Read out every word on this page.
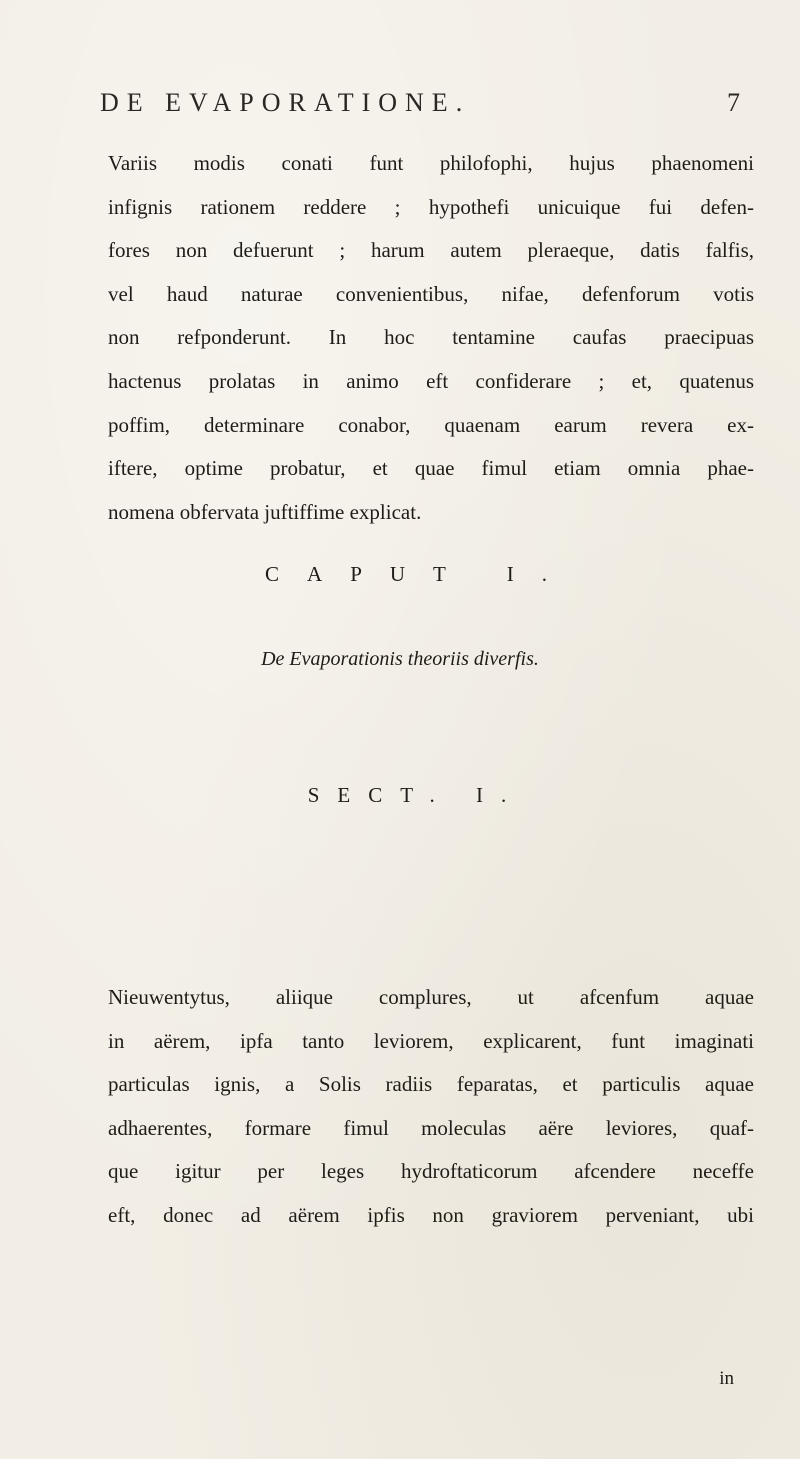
DE EVAPORATIONE.	7
Variis modis conati funt philofophi, hujus phaenomeni
infignis rationem reddere ; hypothefi unicuique fui defen-
fores non defuerunt ; harum autem pleraeque, datis falfis,
vel haud naturae convenientibus, nifae, defenforum votis
non refponderunt. In hoc tentamine caufas praecipuas
hactenus prolatas in animo eft confiderare ; et, quatenus
poffim, determinare conabor, quaenam earum revera ex-
iftere, optime probatur, et quae fimul etiam omnia phae-
nomena obfervata juftiffime explicat.
CAPUT I.
De Evaporationis theoriis diverfis.
SECT. I.
Nieuwentytus, aliique complures, ut afcenfum aquae
in aërem, ipfa tanto leviorem, explicarent, funt imaginati
particulas ignis, a Solis radiis feparatas, et particulis aquae
adhaerentes, formare fimul moleculas aëre leviores, quaf-
que igitur per leges hydroftaticorum afcendere neceffe
eft, donec ad aërem ipfis non graviorem perveniant, ubi
in
